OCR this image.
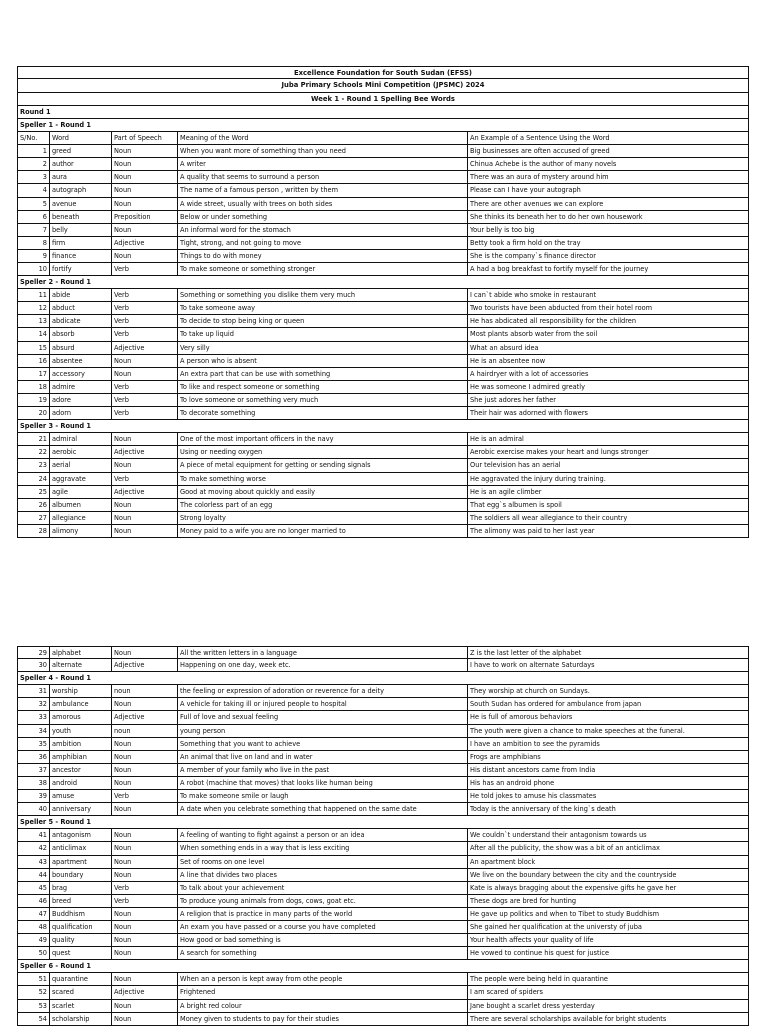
Excellence Foundation for South Sudan (EFSS)
Juba Primary Schools Mini Competition (JPSMC) 2024
Week 1 - Round 1 Spelling Bee Words
Round 1
Speller 1 - Round 1
S/No.	Word	Part of Speech	Meaning of the Word	An Example of a Sentence Using the Word
1 greed	Noun	When you want more of something than you need	Big businesses are often accused of greed
2 author	Noun	A writer	Chinua Achebe is the author of many novels
3 aura	Noun	A quality that seems to surround a person	There was an aura of mystery around him
4 autograph	Noun	The name of a famous person , written by them	Please can I have your autograph
5 avenue	Noun	A wide street, usually with trees on both sides	There are other avenues we can explore
6 beneath	Preposition	Below or under something	She thinks its beneath her to do her own housework
7 belly	Noun	An informal word for the stomach	Your belly is too big
8 firm	Adjective	Tight, strong, and not going to move	Betty took a firm hold on the tray
9 finance	Noun	Things to do with money	She is the company`s finance director
10 fortify	Verb	To make someone or something stronger	A had a bog breakfast to fortify myself for the journey
Speller 2 - Round 1
11 abide	Verb	Something or something you dislike them very much	I can`t abide who smoke in restaurant
12 abduct	Verb	To take someone away	Two tourists have been abducted from their hotel room
13 abdicate	Verb	To decide to stop being king or queen	He has abdicated all responsibility for the children
14 absorb	Verb	To take up liquid	Most plants absorb water from the soil
15 absurd	Adjective	Very silly	What an absurd idea
16 absentee	Noun	A person who is absent	He is an absentee now
17 accessory	Noun	An extra part that can be use with something	A hairdryer with a lot of accessories
18 admire	Verb	To like and respect someone or something	He was someone I admired greatly
19 adore	Verb	To love someone or something very much	She just adores her father
20 adorn	Verb	To decorate something	Their hair was adorned with flowers
Speller 3 - Round 1
21 admiral	Noun	One of the most important officers in the navy	He is an admiral
22 aerobic	Adjective	Using or needing oxygen	Aerobic exercise makes your heart and lungs stronger
23 aerial	Noun	A piece of metal equipment for getting or sending signals	Our television has an aerial
24 aggravate	Verb	To make something worse	He aggravated the injury during training.
25 agile	Adjective	Good at moving about quickly and easily	He is an agile climber
26 albumen	Noun	The colorless part of an egg	That egg`s albumen is spoil
27 allegiance	Noun	Strong loyalty	The soldiers all wear allegiance to their country
28 alimony	Noun	Money paid to a wife you are no longer married to	The alimony was paid to her last year
29 alphabet	Noun	All the written letters in a language	Z is the last letter of the alphabet
30 alternate	Adjective	Happening on one day, week etc.	I have to work on alternate Saturdays
Speller 4 - Round 1
31 worship	noun	the feeling or expression of adoration or reverence for a deity	They worship at church on Sundays.
32 ambulance	Noun	A vehicle for taking ill or injured people to hospital	South Sudan has ordered for ambulance from japan
33 amorous	Adjective	Full of love and sexual feeling	He is full of amorous behaviors
34 youth	noun	young person	The youth were given a chance to make speeches at the funeral.
35 ambition	Noun	Something that you want to achieve	I have an ambition to see the pyramids
36 amphibian	Noun	An animal that live on land and in water	Frogs are amphibians
37 ancestor	Noun	A member of your family who live in the past	His distant ancestors came from India
38 android	Noun	A robot (machine that moves) that looks like human being	His has an android phone
39 amuse	Verb	To make someone smile or laugh	He told jokes to amuse his classmates
40 anniversary	Noun	A date when you celebrate something that happened on the same date	Today is the anniversary of the king`s death
Speller 5 - Round 1
41 antagonism	Noun	A feeling of wanting to fight against a person or an idea	We couldn`t understand their antagonism towards us
42 anticlimax	Noun	When something ends in a way that is less exciting	After all the publicity, the show was a bit of an anticlimax
43 apartment	Noun	Set of rooms on one level	An apartment block
44 boundary	Noun	A line that divides two places	We live on the boundary between the city and the countryside
45 brag	Verb	To talk about your achievement	Kate is always bragging about the expensive gifts he gave her
46 breed	Verb	To produce young animals from dogs, cows, goat etc.	These dogs are bred for hunting
47 Buddhism	Noun	A religion that is practice in many parts of the world	He gave up politics and when to Tibet to study Buddhism
48 qualification	Noun	An exam you have passed or a course you have completed	She gained her qualification at the universty of juba
49 quality	Noun	How good or bad something is	Your health affects your quality of life
50 quest	Noun	A search for something	He vowed to continue his quest for justice
Speller 6 - Round 1
51 quarantine	Noun	When an a person is kept away from othe people	The people were being held in quarantine
52 scared	Adjective	Frightened	I am scared of spiders
53 scarlet	Noun	A bright red colour	Jane bought a scarlet dress yesterday
54 scholarship	Noun	Money given to students to pay for their studies	There are several scholarships available for bright students
